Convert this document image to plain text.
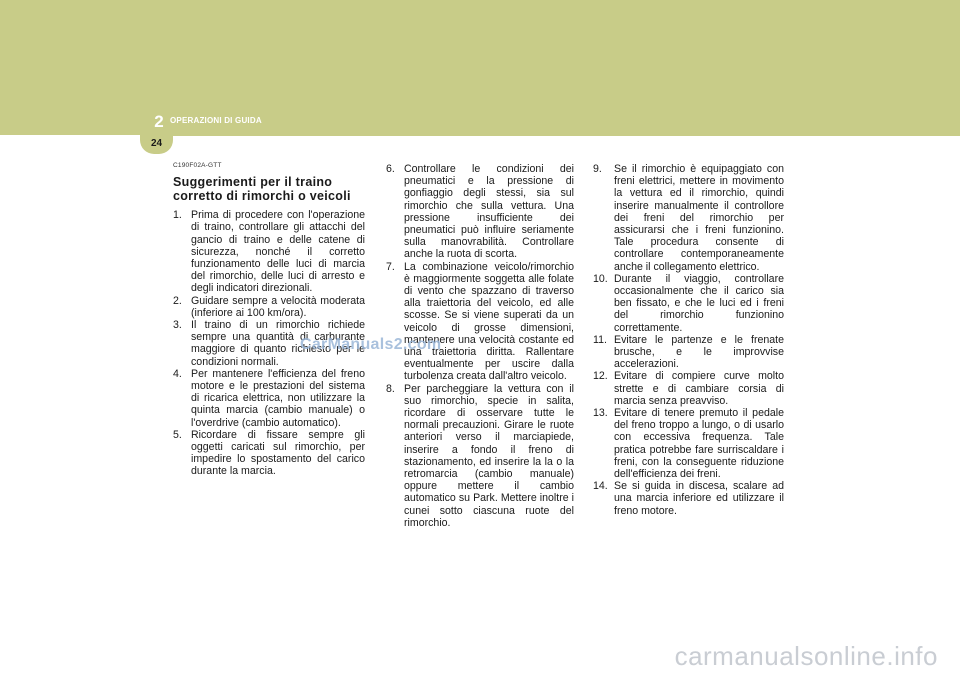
2 OPERAZIONI DI GUIDA
24
C190F02A-GTT
Suggerimenti per il traino corretto di rimorchi o veicoli
1. Prima di procedere con l'operazione di traino, controllare gli attacchi del gancio di traino e delle catene di sicurezza, nonché il corretto funzionamento delle luci di marcia del rimorchio, delle luci di arresto e degli indicatori direzionali.
2. Guidare sempre a velocità moderata (inferiore ai 100 km/ora).
3. Il traino di un rimorchio richiede sempre una quantità di carburante maggiore di quanto richiesto per le condizioni normali.
4. Per mantenere l'efficienza del freno motore e le prestazioni del sistema di ricarica elettrica, non utilizzare la quinta marcia (cambio manuale) o l'overdrive (cambio automatico).
5. Ricordare di fissare sempre gli oggetti caricati sul rimorchio, per impedire lo spostamento del carico durante la marcia.
6. Controllare le condizioni dei pneumatici e la pressione di gonfiaggio degli stessi, sia sul rimorchio che sulla vettura. Una pressione insufficiente dei pneumatici può influire seriamente sulla manovrabilità. Controllare anche la ruota di scorta.
7. La combinazione veicolo/rimorchio è maggiormente soggetta alle folate di vento che spazzano di traverso alla traiettoria del veicolo, ed alle scosse. Se si viene superati da un veicolo di grosse dimensioni, mantenere una velocità costante ed una traiettoria diritta. Rallentare eventualmente per uscire dalla turbolenza creata dall'altro veicolo.
8. Per parcheggiare la vettura con il suo rimorchio, specie in salita, ricordare di osservare tutte le normali precauzioni. Girare le ruote anteriori verso il marciapiede, inserire a fondo il freno di stazionamento, ed inserire la la o la retromarcia (cambio manuale) oppure mettere il cambio automatico su Park. Mettere inoltre i cunei sotto ciascuna ruote del rimorchio.
9. Se il rimorchio è equipaggiato con freni elettrici, mettere in movimento la vettura ed il rimorchio, quindi inserire manualmente il controllore dei freni del rimorchio per assicurarsi che i freni funzionino. Tale procedura consente di controllare contemporaneamente anche il collegamento elettrico.
10. Durante il viaggio, controllare occasionalmente che il carico sia ben fissato, e che le luci ed i freni del rimorchio funzionino correttamente.
11. Evitare le partenze e le frenate brusche, e le improvvise accelerazioni.
12. Evitare di compiere curve molto strette e di cambiare corsia di marcia senza preavviso.
13. Evitare di tenere premuto il pedale del freno troppo a lungo, o di usarlo con eccessiva frequenza. Tale pratica potrebbe fare surriscaldare i freni, con la conseguente riduzione dell'efficienza dei freni.
14. Se si guida in discesa, scalare ad una marcia inferiore ed utilizzare il freno motore.
CarManuals2.com
carmanualsonline.info
